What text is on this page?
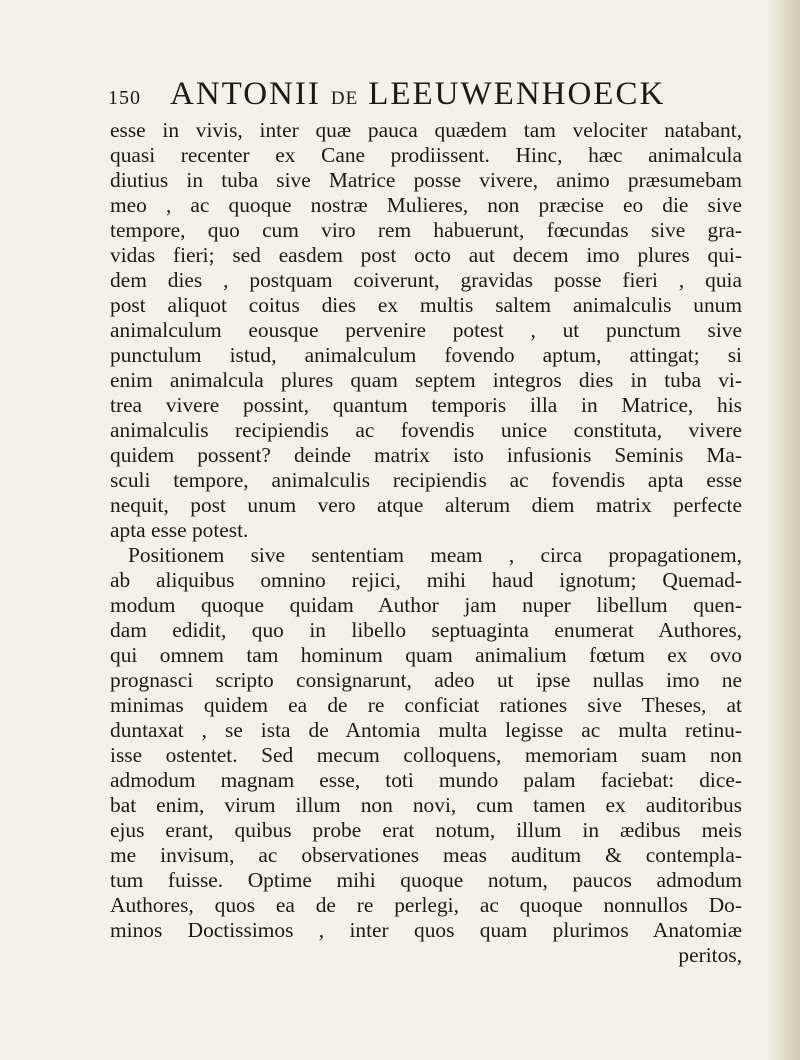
150 ANTONII DE LEEUWENHOECK
esse in vivis, inter quæ pauca quædem tam velociter natabant,
quasi recenter ex Cane prodiissent. Hinc, hæc animalcula
diutius in tuba sive Matrice posse vivere, animo præsumebam
meo , ac quoque nostræ Mulieres, non præcise eo die sive
tempore, quo cum viro rem habuerunt, fœcundas sive gra-
vidas fieri; sed easdem post octo aut decem imo plures qui-
dem dies , postquam coiverunt, gravidas posse fieri , quia
post aliquot coitus dies ex multis saltem animalculis unum
animalculum eousque pervenire potest , ut punctum sive
punctulum istud, animalculum fovendo aptum, attingat; si
enim animalcula plures quam septem integros dies in tuba vi-
trea vivere possint, quantum temporis illa in Matrice, his
animalculis recipiendis ac fovendis unice constituta, vivere
quidem possent? deinde matrix isto infusionis Seminis Ma-
sculi tempore, animalculis recipiendis ac fovendis apta esse
nequit, post unum vero atque alterum diem matrix perfecte
apta esse potest.
Positionem sive sententiam meam , circa propagationem,
ab aliquibus omnino rejici, mihi haud ignotum; Quemad-
modum quoque quidam Author jam nuper libellum quen-
dam edidit, quo in libello septuaginta enumerat Authores,
qui omnem tam hominum quam animalium fœtum ex ovo
prognasci scripto consignarunt, adeo ut ipse nullas imo ne
minimas quidem ea de re conficiat rationes sive Theses, at
duntaxat , se ista de Antomia multa legisse ac multa retinu-
isse ostentet. Sed mecum colloquens, memoriam suam non
admodum magnam esse, toti mundo palam faciebat: dice-
bat enim, virum illum non novi, cum tamen ex auditoribus
ejus erant, quibus probe erat notum, illum in ædibus meis
me invisum, ac observationes meas auditum & contempla-
tum fuisse. Optime mihi quoque notum, paucos admodum
Authores, quos ea de re perlegi, ac quoque nonnullos Do-
minos Doctissimos , inter quos quam plurimos Anatomiæ
peritos,
